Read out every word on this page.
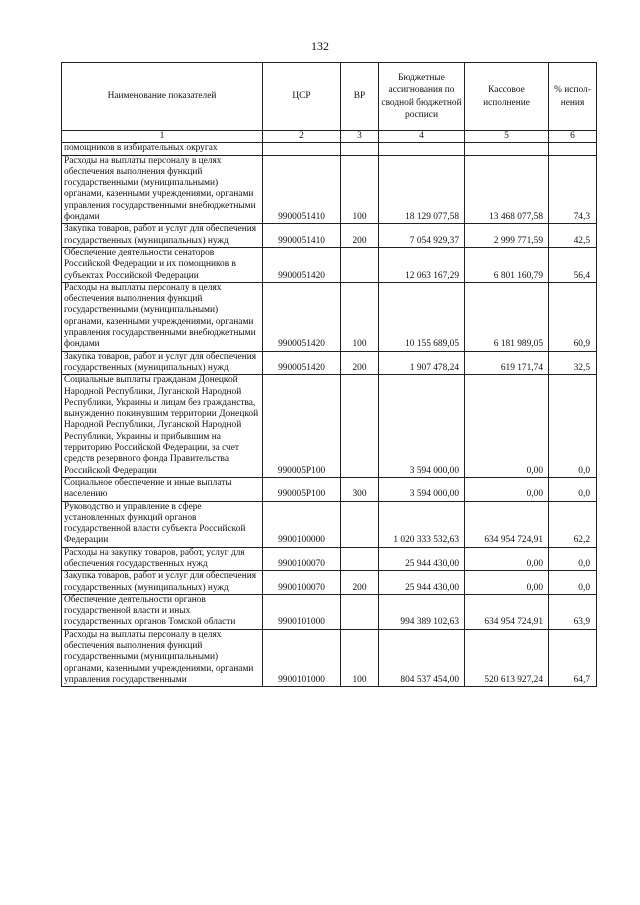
132
Наименование показателей	ЦСР	ВР	Бюджетные ассигнования по сводной бюджетной росписи	Кассовое исполнение	% испол-нения
1	2	3	4	5	6
помощников в избирательных округах					
Расходы на выплаты персоналу в целях обеспечения выполнения функций государственными (муниципальными) органами, казенными учреждениями, органами управления государственными внебюджетными фондами	9900051410	100	18 129 077,58	13 468 077,58	74,3
Закупка товаров, работ и услуг для обеспечения государственных (муниципальных) нужд	9900051410	200	7 054 929,37	2 999 771,59	42,5
Обеспечение деятельности сенаторов Российской Федерации и их помощников в субъектах Российской Федерации	9900051420		12 063 167,29	6 801 160,79	56,4
Расходы на выплаты персоналу в целях обеспечения выполнения функций государственными (муниципальными) органами, казенными учреждениями, органами управления государственными внебюджетными фондами	9900051420	100	10 155 689,05	6 181 989,05	60,9
Закупка товаров, работ и услуг для обеспечения государственных (муниципальных) нужд	9900051420	200	1 907 478,24	619 171,74	32,5
Социальные выплаты гражданам Донецкой Народной Республики, Луганской Народной Республики, Украины и лицам без гражданства, вынужденно покинувшим территории Донецкой Народной Республики, Луганской Народной Республики, Украины и прибывшим на территорию Российской Федерации, за счет средств резервного фонда Правительства Российской Федерации	990005P100		3 594 000,00	0,00	0,0
Социальное обеспечение и иные выплаты населению	990005P100	300	3 594 000,00	0,00	0,0
Руководство и управление в сфере установленных функций органов государственной власти субъекта Российской Федерации	9900100000		1 020 333 532,63	634 954 724,91	62,2
Расходы на закупку товаров, работ, услуг для обеспечения государственных нужд	9900100070		25 944 430,00	0,00	0,0
Закупка товаров, работ и услуг для обеспечения государственных (муниципальных) нужд	9900100070	200	25 944 430,00	0,00	0,0
Обеспечение деятельности органов государственной власти и иных государственных органов Томской области	9900101000		994 389 102,63	634 954 724,91	63,9
Расходы на выплаты персоналу в целях обеспечения выполнения функций государственными (муниципальными) органами, казенными учреждениями, органами управления государственными	9900101000	100	804 537 454,00	520 613 927,24	64,7
